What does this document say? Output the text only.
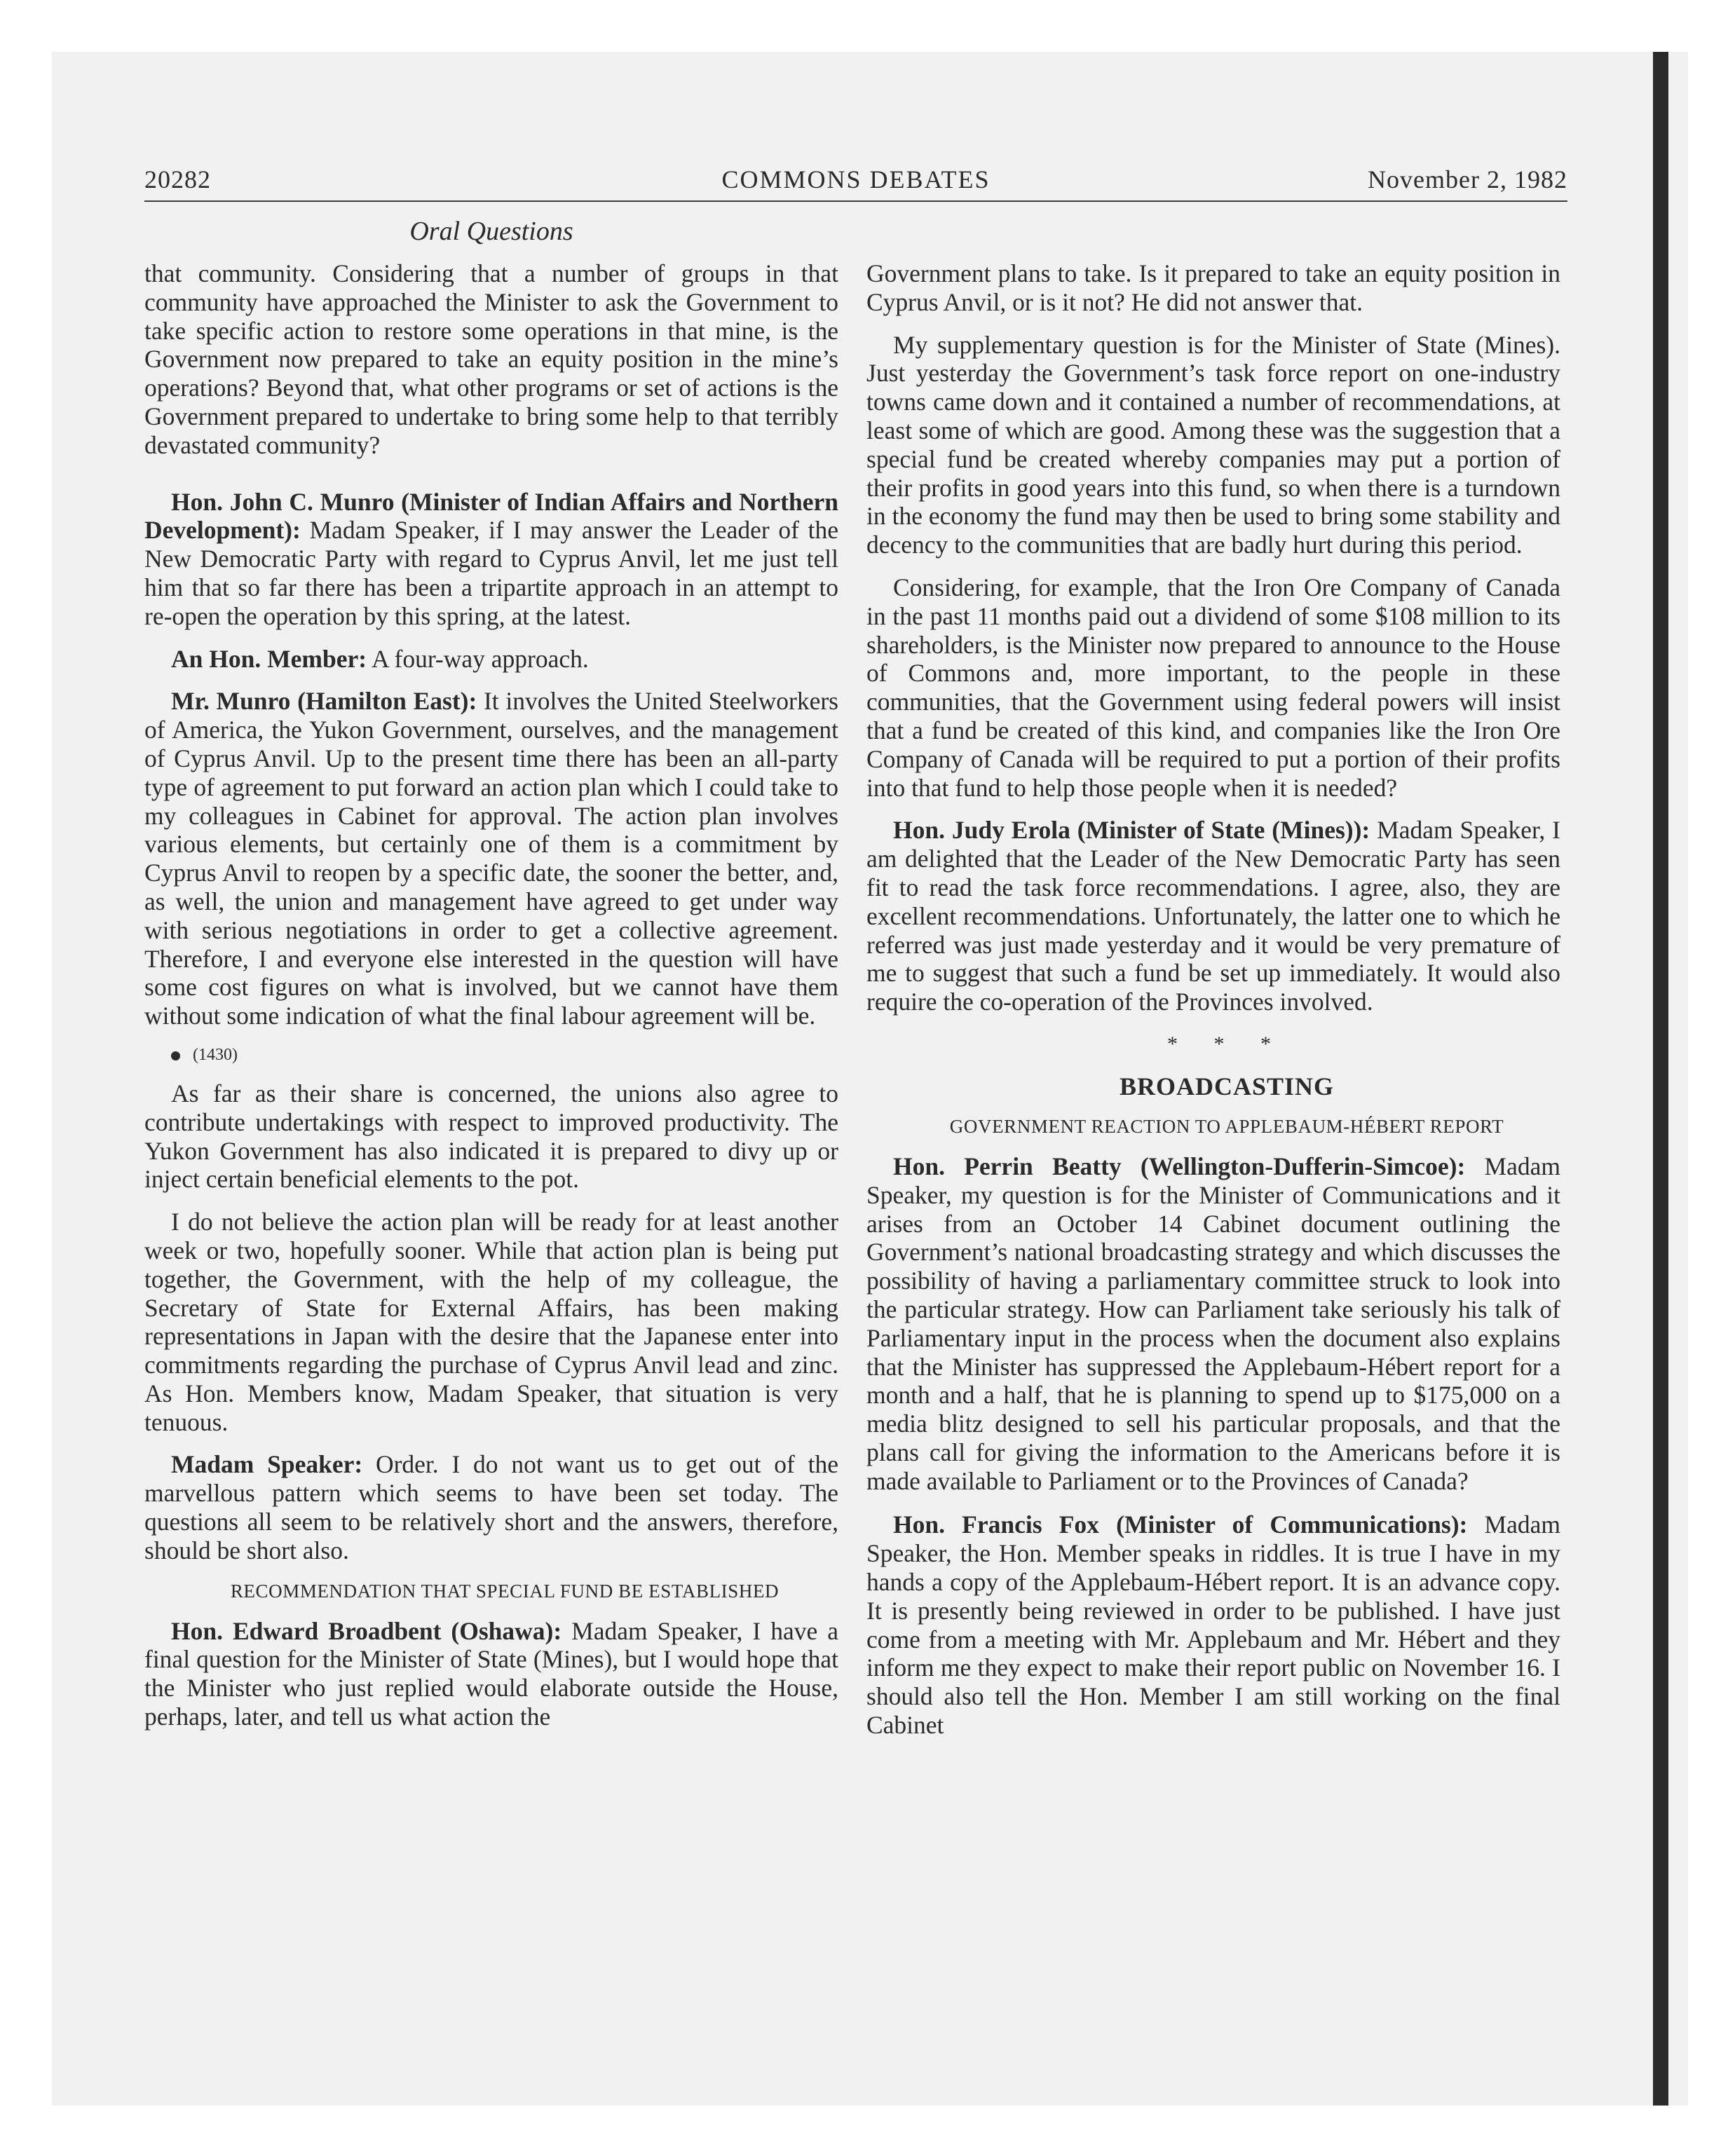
20282	COMMONS DEBATES	November 2, 1982
Oral Questions

that community. Considering that a number of groups in that community have approached the Minister to ask the Government to take specific action to restore some operations in that mine, is the Government now prepared to take an equity position in the mine’s operations? Beyond that, what other programs or set of actions is the Government prepared to undertake to bring some help to that terribly devastated community?

Hon. John C. Munro (Minister of Indian Affairs and Northern Development): Madam Speaker, if I may answer the Leader of the New Democratic Party with regard to Cyprus Anvil, let me just tell him that so far there has been a tripartite approach in an attempt to re-open the operation by this spring, at the latest.

An Hon. Member: A four-way approach.

Mr. Munro (Hamilton East): It involves the United Steelworkers of America, the Yukon Government, ourselves, and the management of Cyprus Anvil. Up to the present time there has been an all-party type of agreement to put forward an action plan which I could take to my colleagues in Cabinet for approval. The action plan involves various elements, but certainly one of them is a commitment by Cyprus Anvil to reopen by a specific date, the sooner the better, and, as well, the union and management have agreed to get under way with serious negotiations in order to get a collective agreement. Therefore, I and everyone else interested in the question will have some cost figures on what is involved, but we cannot have them without some indication of what the final labour agreement will be.

(1430)

As far as their share is concerned, the unions also agree to contribute undertakings with respect to improved productivity. The Yukon Government has also indicated it is prepared to divy up or inject certain beneficial elements to the pot.

I do not believe the action plan will be ready for at least another week or two, hopefully sooner. While that action plan is being put together, the Government, with the help of my colleague, the Secretary of State for External Affairs, has been making representations in Japan with the desire that the Japanese enter into commitments regarding the purchase of Cyprus Anvil lead and zinc. As Hon. Members know, Madam Speaker, that situation is very tenuous.

Madam Speaker: Order. I do not want us to get out of the marvellous pattern which seems to have been set today. The questions all seem to be relatively short and the answers, therefore, should be short also.

RECOMMENDATION THAT SPECIAL FUND BE ESTABLISHED

Hon. Edward Broadbent (Oshawa): Madam Speaker, I have a final question for the Minister of State (Mines), but I would hope that the Minister who just replied would elaborate outside the House, perhaps, later, and tell us what action the

Government plans to take. Is it prepared to take an equity position in Cyprus Anvil, or is it not? He did not answer that.

My supplementary question is for the Minister of State (Mines). Just yesterday the Government’s task force report on one-industry towns came down and it contained a number of recommendations, at least some of which are good. Among these was the suggestion that a special fund be created whereby companies may put a portion of their profits in good years into this fund, so when there is a turndown in the economy the fund may then be used to bring some stability and decency to the communities that are badly hurt during this period.

Considering, for example, that the Iron Ore Company of Canada in the past 11 months paid out a dividend of some $108 million to its shareholders, is the Minister now prepared to announce to the House of Commons and, more important, to the people in these communities, that the Government using federal powers will insist that a fund be created of this kind, and companies like the Iron Ore Company of Canada will be required to put a portion of their profits into that fund to help those people when it is needed?

Hon. Judy Erola (Minister of State (Mines)): Madam Speaker, I am delighted that the Leader of the New Democratic Party has seen fit to read the task force recommendations. I agree, also, they are excellent recommendations. Unfortunately, the latter one to which he referred was just made yesterday and it would be very premature of me to suggest that such a fund be set up immediately. It would also require the co-operation of the Provinces involved.

* * *

BROADCASTING

GOVERNMENT REACTION TO APPLEBAUM-HÉBERT REPORT

Hon. Perrin Beatty (Wellington-Dufferin-Simcoe): Madam Speaker, my question is for the Minister of Communications and it arises from an October 14 Cabinet document outlining the Government’s national broadcasting strategy and which discusses the possibility of having a parliamentary committee struck to look into the particular strategy. How can Parliament take seriously his talk of Parliamentary input in the process when the document also explains that the Minister has suppressed the Applebaum-Hébert report for a month and a half, that he is planning to spend up to $175,000 on a media blitz designed to sell his particular proposals, and that the plans call for giving the information to the Americans before it is made available to Parliament or to the Provinces of Canada?

Hon. Francis Fox (Minister of Communications): Madam Speaker, the Hon. Member speaks in riddles. It is true I have in my hands a copy of the Applebaum-Hébert report. It is an advance copy. It is presently being reviewed in order to be published. I have just come from a meeting with Mr. Applebaum and Mr. Hébert and they inform me they expect to make their report public on November 16. I should also tell the Hon. Member I am still working on the final Cabinet
